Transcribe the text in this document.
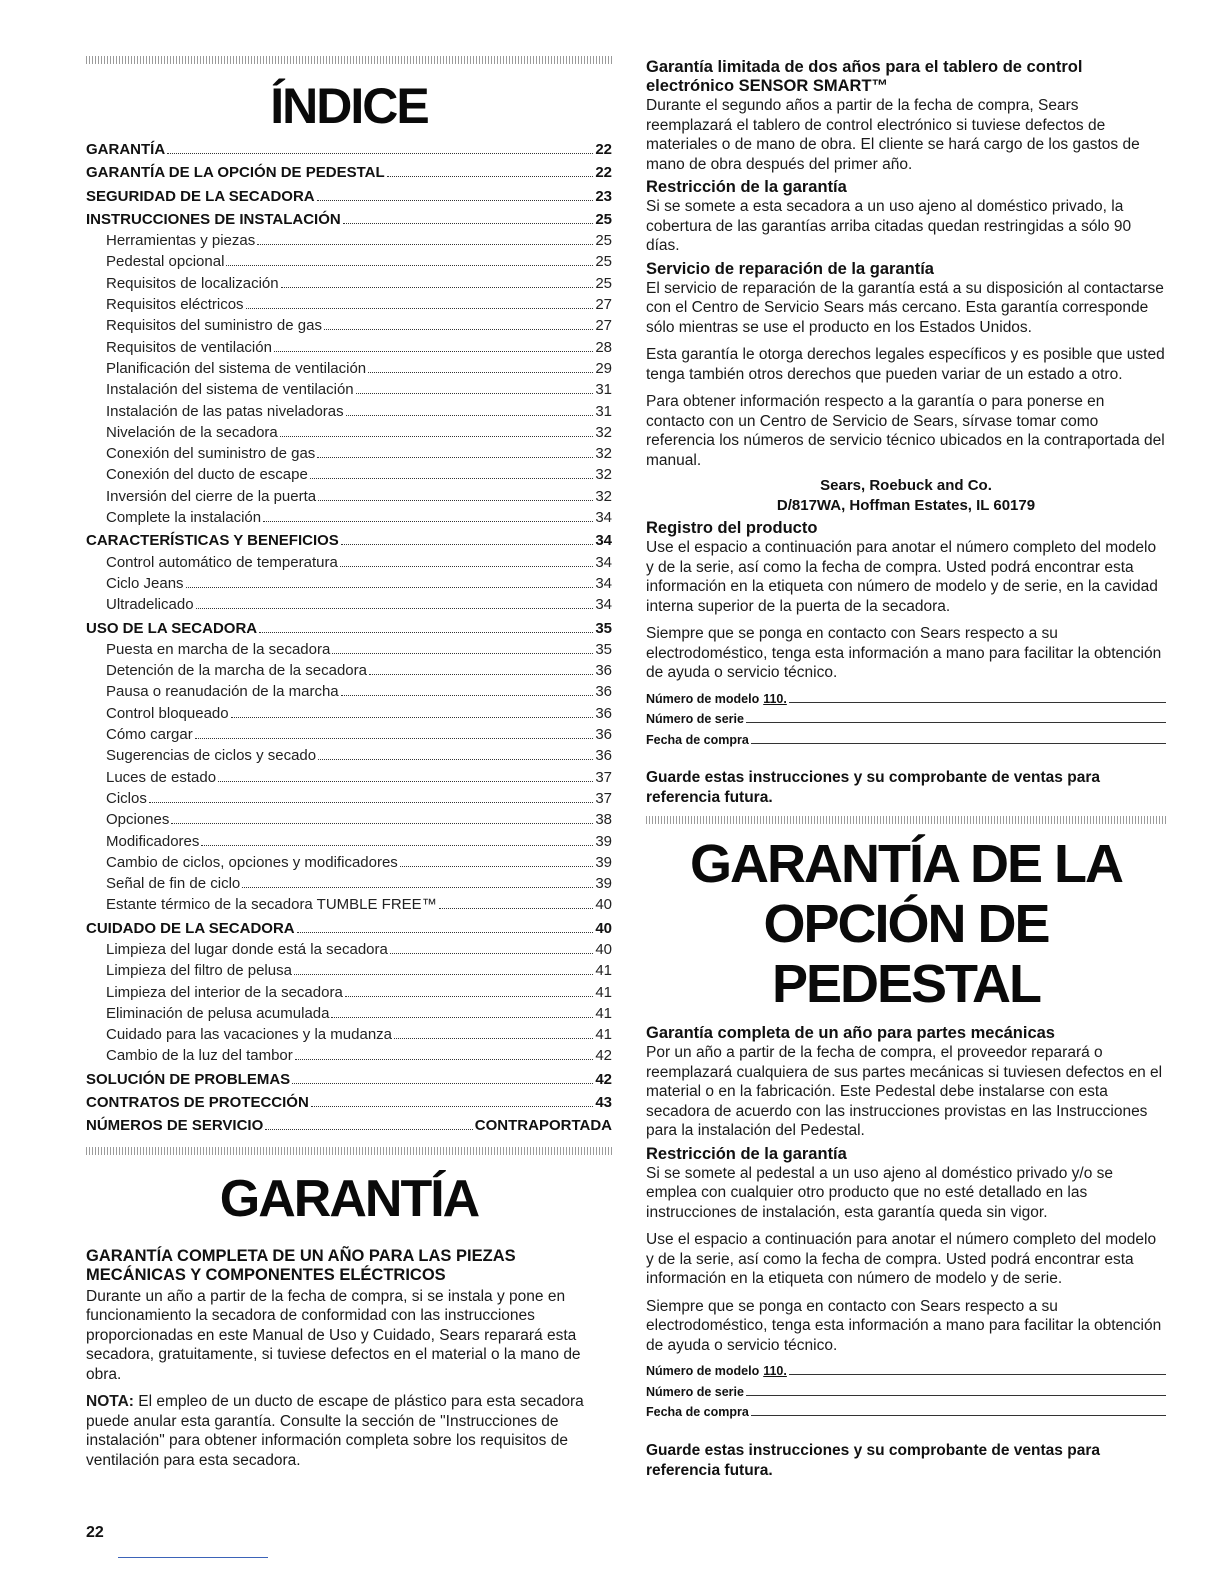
ÍNDICE
GARANTÍA	22
GARANTÍA DE LA OPCIÓN DE PEDESTAL	22
SEGURIDAD DE LA SECADORA	23
INSTRUCCIONES DE INSTALACIÓN	25
Herramientas y piezas	25
Pedestal opcional	25
Requisitos de localización	25
Requisitos eléctricos	27
Requisitos del suministro de gas	27
Requisitos de ventilación	28
Planificación del sistema de ventilación	29
Instalación del sistema de ventilación	31
Instalación de las patas niveladoras	31
Nivelación de la secadora	32
Conexión del suministro de gas	32
Conexión del ducto de escape	32
Inversión del cierre de la puerta	32
Complete la instalación	34
CARACTERÍSTICAS Y BENEFICIOS	34
Control automático de temperatura	34
Ciclo Jeans	34
Ultradelicado	34
USO DE LA SECADORA	35
Puesta en marcha de la secadora	35
Detención de la marcha de la secadora	36
Pausa o reanudación de la marcha	36
Control bloqueado	36
Cómo cargar	36
Sugerencias de ciclos y secado	36
Luces de estado	37
Ciclos	37
Opciones	38
Modificadores	39
Cambio de ciclos, opciones y modificadores	39
Señal de fin de ciclo	39
Estante térmico de la secadora TUMBLE FREE™	40
CUIDADO DE LA SECADORA	40
Limpieza del lugar donde está la secadora	40
Limpieza del filtro de pelusa	41
Limpieza del interior de la secadora	41
Eliminación de pelusa acumulada	41
Cuidado para las vacaciones y la mudanza	41
Cambio de la luz del tambor	42
SOLUCIÓN DE PROBLEMAS	42
CONTRATOS DE PROTECCIÓN	43
NÚMEROS DE SERVICIO	CONTRAPORTADA
GARANTÍA
GARANTÍA COMPLETA DE UN AÑO PARA LAS PIEZAS MECÁNICAS Y COMPONENTES ELÉCTRICOS

Durante un año a partir de la fecha de compra, si se instala y pone en funcionamiento la secadora de conformidad con las instrucciones proporcionadas en este Manual de Uso y Cuidado, Sears reparará esta secadora, gratuitamente, si tuviese defectos en el material o la mano de obra.

NOTA: El empleo de un ducto de escape de plástico para esta secadora puede anular esta garantía. Consulte la sección de "Instrucciones de instalación" para obtener información completa sobre los requisitos de ventilación para esta secadora.

Garantía limitada de dos años para el tablero de control electrónico SENSOR SMART™

Durante el segundo años a partir de la fecha de compra, Sears reemplazará el tablero de control electrónico si tuviese defectos de materiales o de mano de obra. El cliente se hará cargo de los gastos de mano de obra después del primer año.

Restricción de la garantía

Si se somete a esta secadora a un uso ajeno al doméstico privado, la cobertura de las garantías arriba citadas quedan restringidas a sólo 90 días.

Servicio de reparación de la garantía

El servicio de reparación de la garantía está a su disposición al contactarse con el Centro de Servicio Sears más cercano. Esta garantía corresponde sólo mientras se use el producto en los Estados Unidos.

Esta garantía le otorga derechos legales específicos y es posible que usted tenga también otros derechos que pueden variar de un estado a otro.

Para obtener información respecto a la garantía o para ponerse en contacto con un Centro de Servicio de Sears, sírvase tomar como referencia los números de servicio técnico ubicados en la contraportada del manual.

Sears, Roebuck and Co.
D/817WA, Hoffman Estates, IL 60179
Registro del producto

Use el espacio a continuación para anotar el número completo del modelo y de la serie, así como la fecha de compra. Usted podrá encontrar esta información en la etiqueta con número de modelo y de serie, en la cavidad interna superior de la puerta de la secadora.

Siempre que se ponga en contacto con Sears respecto a su electrodoméstico, tenga esta información a mano para facilitar la obtención de ayuda o servicio técnico.

Número de modelo 110.
Número de serie
Fecha de compra
Guarde estas instrucciones y su comprobante de ventas para referencia futura.
GARANTÍA DE LA
OPCIÓN DE PEDESTAL
Garantía completa de un año para partes mecánicas

Por un año a partir de la fecha de compra, el proveedor reparará o reemplazará cualquiera de sus partes mecánicas si tuviesen defectos en el material o en la fabricación. Este Pedestal debe instalarse con esta secadora de acuerdo con las instrucciones provistas en las Instrucciones para la instalación del Pedestal.

Restricción de la garantía

Si se somete al pedestal a un uso ajeno al doméstico privado y/o se emplea con cualquier otro producto que no esté detallado en las instrucciones de instalación, esta garantía queda sin vigor.

Use el espacio a continuación para anotar el número completo del modelo y de la serie, así como la fecha de compra. Usted podrá encontrar esta información en la etiqueta con número de modelo y de serie.

Siempre que se ponga en contacto con Sears respecto a su electrodoméstico, tenga esta información a mano para facilitar la obtención de ayuda o servicio técnico.

Número de modelo 110.
Número de serie
Fecha de compra
Guarde estas instrucciones y su comprobante de ventas para referencia futura.
22
